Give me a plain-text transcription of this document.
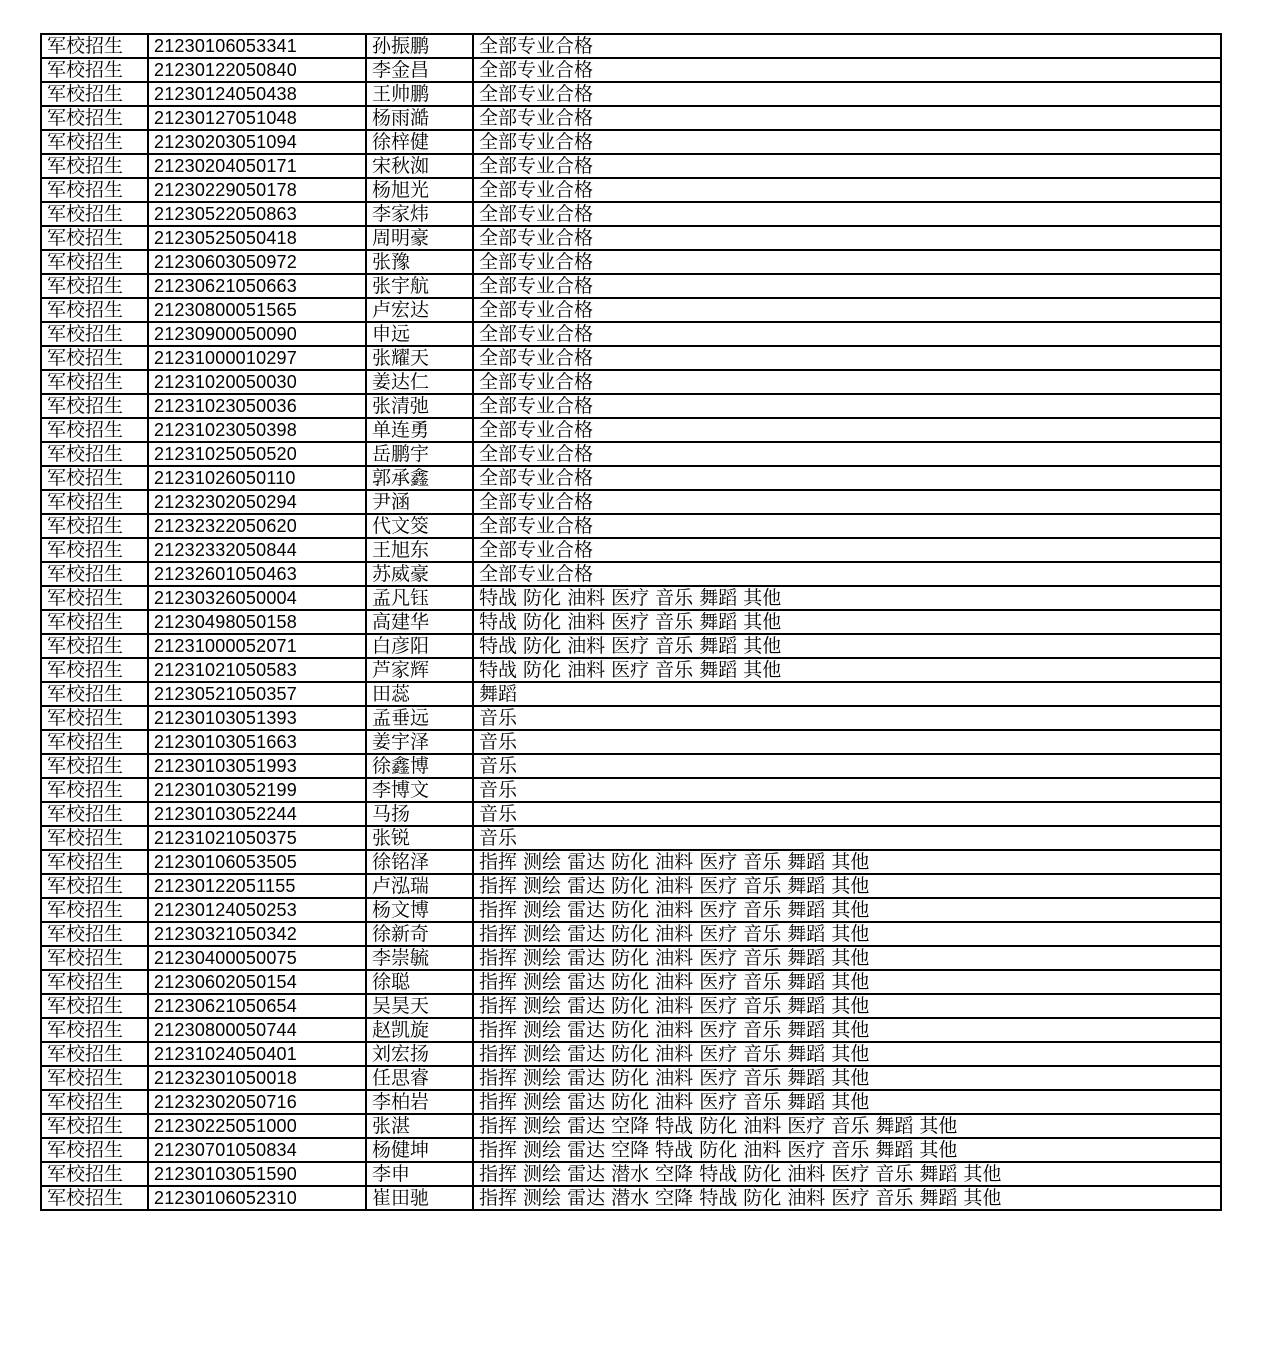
军校招生	21230106053341	孙振鹏	全部专业合格
军校招生	21230122050840	李金昌	全部专业合格
军校招生	21230124050438	王帅鹏	全部专业合格
军校招生	21230127051048	杨雨澔	全部专业合格
军校招生	21230203051094	徐梓健	全部专业合格
军校招生	21230204050171	宋秋洳	全部专业合格
军校招生	21230229050178	杨旭光	全部专业合格
军校招生	21230522050863	李家炜	全部专业合格
军校招生	21230525050418	周明豪	全部专业合格
军校招生	21230603050972	张豫	全部专业合格
军校招生	21230621050663	张宇航	全部专业合格
军校招生	21230800051565	卢宏达	全部专业合格
军校招生	21230900050090	申远	全部专业合格
军校招生	21231000010297	张耀天	全部专业合格
军校招生	21231020050030	姜达仁	全部专业合格
军校招生	21231023050036	张清弛	全部专业合格
军校招生	21231023050398	单连勇	全部专业合格
军校招生	21231025050520	岳鹏宇	全部专业合格
军校招生	21231026050110	郭承鑫	全部专业合格
军校招生	21232302050294	尹涵	全部专业合格
军校招生	21232322050620	代文筊	全部专业合格
军校招生	21232332050844	王旭东	全部专业合格
军校招生	21232601050463	苏威豪	全部专业合格
军校招生	21230326050004	孟凡钰	特战 防化 油料 医疗 音乐 舞蹈 其他
军校招生	21230498050158	高建华	特战 防化 油料 医疗 音乐 舞蹈 其他
军校招生	21231000052071	白彦阳	特战 防化 油料 医疗 音乐 舞蹈 其他
军校招生	21231021050583	芦家辉	特战 防化 油料 医疗 音乐 舞蹈 其他
军校招生	21230521050357	田蕊	舞蹈
军校招生	21230103051393	孟垂远	音乐
军校招生	21230103051663	姜宇泽	音乐
军校招生	21230103051993	徐鑫博	音乐
军校招生	21230103052199	李博文	音乐
军校招生	21230103052244	马扬	音乐
军校招生	21231021050375	张锐	音乐
军校招生	21230106053505	徐铭泽	指挥 测绘 雷达 防化 油料 医疗 音乐 舞蹈 其他
军校招生	21230122051155	卢泓瑞	指挥 测绘 雷达 防化 油料 医疗 音乐 舞蹈 其他
军校招生	21230124050253	杨文博	指挥 测绘 雷达 防化 油料 医疗 音乐 舞蹈 其他
军校招生	21230321050342	徐新奇	指挥 测绘 雷达 防化 油料 医疗 音乐 舞蹈 其他
军校招生	21230400050075	李崇毓	指挥 测绘 雷达 防化 油料 医疗 音乐 舞蹈 其他
军校招生	21230602050154	徐聪	指挥 测绘 雷达 防化 油料 医疗 音乐 舞蹈 其他
军校招生	21230621050654	吴昊天	指挥 测绘 雷达 防化 油料 医疗 音乐 舞蹈 其他
军校招生	21230800050744	赵凯旋	指挥 测绘 雷达 防化 油料 医疗 音乐 舞蹈 其他
军校招生	21231024050401	刘宏扬	指挥 测绘 雷达 防化 油料 医疗 音乐 舞蹈 其他
军校招生	21232301050018	任思睿	指挥 测绘 雷达 防化 油料 医疗 音乐 舞蹈 其他
军校招生	21232302050716	李柏岩	指挥 测绘 雷达 防化 油料 医疗 音乐 舞蹈 其他
军校招生	21230225051000	张湛	指挥 测绘 雷达 空降 特战 防化 油料 医疗 音乐 舞蹈 其他
军校招生	21230701050834	杨健坤	指挥 测绘 雷达 空降 特战 防化 油料 医疗 音乐 舞蹈 其他
军校招生	21230103051590	李申	指挥 测绘 雷达 潜水 空降 特战 防化 油料 医疗 音乐 舞蹈 其他
军校招生	21230106052310	崔田驰	指挥 测绘 雷达 潜水 空降 特战 防化 油料 医疗 音乐 舞蹈 其他
